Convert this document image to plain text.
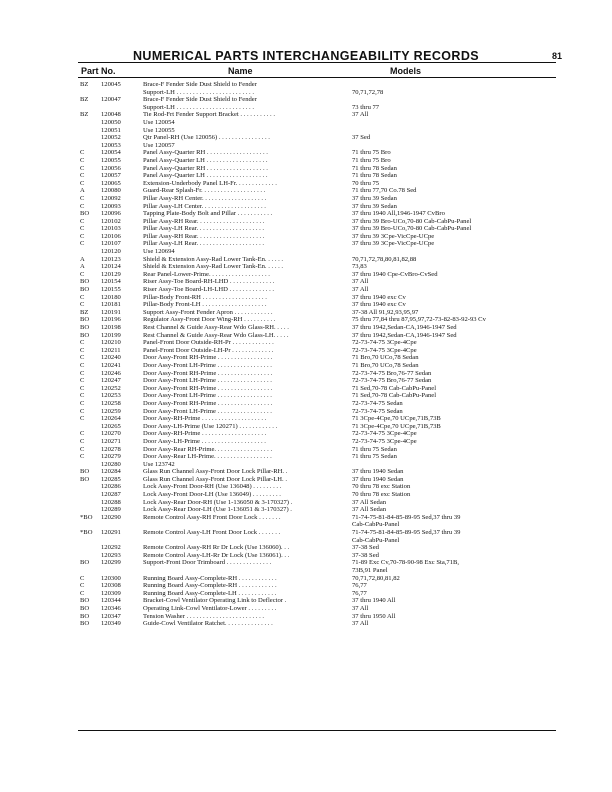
NUMERICAL PARTS INTERCHANGEABILITY RECORDS	81
Part No.	Name	Models
BZ 120045	Brace-F Fender Side Dust Shield to Fender
Support-LH . . . . . . . . . . . . . . . . . . . . . . . .	70,71,72,78
BZ 120047	Brace-F Fender Side Dust Shield to Fender
Support-LH . . . . . . . . . . . . . . . . . . . . . . . .	73 thru 77
BZ 120048	Tie Rod-Frt Fender Support Bracket . . . . . . . . . . .	37 All
120050	Use 120054
120051	Use 120055
120052	Qtr Panel-RH (Use 120056) . . . . . . . . . . . . . . . .	37 Sed
120053	Use 120057
C	120054	Panel Assy-Quarter RH . . . . . . . . . . . . . . . . . . .	71 thru 75 Bro
C	120055	Panel Assy-Quarter LH . . . . . . . . . . . . . . . . . . .	71 thru 75 Bro
C	120056	Panel Assy-Quarter RH . . . . . . . . . . . . . . . . . . .	71 thru 78 Sedan
C	120057	Panel Assy-Quarter LH . . . . . . . . . . . . . . . . . . .	71 thru 78 Sedan
C	120065	Extension-Underbody Panel LH-Fr. . . . . . . . . . . . .	70 thru 75
A 120080	Guard-Rear Splash-Fr. . . . . . . . . . . . . . . . . . . .	71 thru 77,70 Co.78 Sed
C	120092	Pillar Assy-RH Center. . . . . . . . . . . . . . . . . . . .	37 thru 39 Sedan
C	120093	Pillar Assy-LH Center. . . . . . . . . . . . . . . . . . . .	37 thru 39 Sedan
BO 120096	Tapping Plate-Body Bolt and Pillar . . . . . . . . . . .	37 thru 1940 All,1946-1947 CvBro
C	120102	Pillar Assy-RH Rear. . . . . . . . . . . . . . . . . . . . .	37 thru 39 Bro-UCo,70-80 Cab-CabPu-Panel
C	120103	Pillar Assy-LH Rear. . . . . . . . . . . . . . . . . . . . .	37 thru 39 Bro-UCo,70-80 Cab-CabPu-Panel
C	120106	Pillar Assy-RH Rear. . . . . . . . . . . . . . . . . . . . .	37 thru 39 3Cpe-VicCpe-UCpe
C	120107	Pillar Assy-LH Rear. . . . . . . . . . . . . . . . . . . . .	37 thru 39 3Cpe-VicCpe-UCpe
120120	Use 120694
A 120123	Shield & Extension Assy-Rad Lower Tank-En. . . . . .	70,71,72,78,80,81,82,88
A 120124	Shield & Extension Assy-Rad Lower Tank-En. . . . . .	73,83
C	120129	Rear Panel-Lower-Prime. . . . . . . . . . . . . . . . . . .	37 thru 1940 Cpe-CvBro-CvSed
BO 120154	Riser Assy-Toe Board-RH-LHD . . . . . . . . . . . . . .	37 All
BO 120155	Riser Assy-Toe Board-LH-LHD . . . . . . . . . . . . . .	37 All
C	120180	Pillar-Body Front-RH . . . . . . . . . . . . . . . . . . . .	37 thru 1940 exc Cv
C	120181	Pillar-Body Front-LH . . . . . . . . . . . . . . . . . . . .	37 thru 1940 exc Cv
BZ 120191	Support Assy-Front Fender Apron . . . . . . . . . . . .	37-38 All 91,92,93,95,97
BO 120196	Regulator Assy-Front Door Wing-RH . . . . . . . . . .	75 thru 77,84 thru 87,95,97,72-73-82-83-92-93 Cv
BO 120198	Rest Channel & Guide Assy-Rear Wdo Glass-RH. . . . .	37 thru 1942,Sedan-CA,1946-1947 Sed
BO 120199	Rest Channel & Guide Assy-Rear Wdo Glass-LH. . . . .	37 thru 1942,Sedan-CA,1946-1947 Sed
C	120210	Panel-Front Door Outside-RH-Pr . . . . . . . . . . . . .	72-73-74-75 3Cpe-4Cpe
C	120211	Panel-Front Door Outside-LH-Pr . . . . . . . . . . . . .	72-73-74-75 3Cpe-4Cpe
C	120240	Door Assy-Front RH-Prime . . . . . . . . . . . . . . . . .	71 Bro,70 UCo,78 Sedan
C	120241	Door Assy-Front LH-Prime . . . . . . . . . . . . . . . . .	71 Bro,70 UCo,78 Sedan
C	120246	Door Assy-Front RH-Prime . . . . . . . . . . . . . . . . .	72-73-74-75 Bro,76-77 Sedan
C	120247	Door Assy-Front LH-Prime . . . . . . . . . . . . . . . . .	72-73-74-75 Bro,76-77 Sedan
C	120252	Door Assy-Front RH-Prime . . . . . . . . . . . . . . . . .	71 Sed,70-78 Cab-CabPu-Panel
C	120253	Door Assy-Front LH-Prime . . . . . . . . . . . . . . . . .	71 Sed,70-78 Cab-CabPu-Panel
C	120258	Door Assy-Front RH-Prime . . . . . . . . . . . . . . . . .	72-73-74-75 Sedan
C	120259	Door Assy-Front LH-Prime . . . . . . . . . . . . . . . . .	72-73-74-75 Sedan
C	120264	Door Assy-RH-Prime . . . . . . . . . . . . . . . . . . . .	71 3Cpe-4Cpe,70 UCpe,71B,73B
120265	Door Assy-LH-Prime (Use 120271) . . . . . . . . . . . .	71 3Cpe-4Cpe,70 UCpe,71B,73B
C	120270	Door Assy-RH-Prime . . . . . . . . . . . . . . . . . . . .	72-73-74-75 3Cpe-4Cpe
C	120271	Door Assy-LH-Prime . . . . . . . . . . . . . . . . . . . .	72-73-74-75 3Cpe-4Cpe
C	120278	Door Assy-Rear RH-Prime. . . . . . . . . . . . . . . . . .	71 thru 75 Sedan
C	120279	Door Assy-Rear LH-Prime. . . . . . . . . . . . . . . . . .	71 thru 75 Sedan
120280	Use 123742
BO 120284	Glass Run Channel Assy-Front Door Lock Pillar-RH. .	37 thru 1940 Sedan
BO 120285	Glass Run Channel Assy-Front Door Lock Pillar-LH. .	37 thru 1940 Sedan
120286	Lock Assy-Front Door-RH (Use 136048) . . . . . . . . .	70 thru 78 exc Station
120287	Lock Assy-Front Door-LH (Use 136049) . . . . . . . . .	70 thru 78 exc Station
120288	Lock Assy-Rear Door-RH (Use 1-136050 & 3-170327) .	37 All Sedan
120289	Lock Assy-Rear Door-LH (Use 1-136051 & 3-170327) .	37 All Sedan
*BO 120290	Remote Control Assy-RH Front Door Lock . . . . . . .	71-74-75-81-84-85-89-95 Sed,37 thru 39
Cab-CabPu-Panel
*BO 120291	Remote Control Assy-LH Front Door Lock . . . . . . .	71-74-75-81-84-85-89-95 Sed,37 thru 39
Cab-CabPu-Panel
120292	Remote Control Assy-RH Rr Dr Lock (Use 136060). . .	37-38 Sed
120293	Remote Control Assy-LH-Rr Dr Lock (Use 136061). . .	37-38 Sed
BO 120299	Support-Front Door Trimboard . . . . . . . . . . . . . .	71-89 Exc Cv,70-78-90-98 Exc Sta,71B,
73B,91 Panel
C	120300	Running Board Assy-Complete-RH . . . . . . . . . . . .	70,71,72,80,81,82
C	120308	Running Board Assy-Complete-RH . . . . . . . . . . . .	76,77
C	120309	Running Board Assy-Complete-LH . . . . . . . . . . . .	76,77
BO 120344	Bracket-Cowl Ventilator Operating Link to Deflector .	37 thru 1940 All
BO 120346	Operating Link-Cowl Ventilator-Lower . . . . . . . . .	37 All
BO 120347	Tension Washer . . . . . . . . . . . . . . . . . . . . . . . .	37 thru 1950 All
BO 120349	Guide-Cowl Ventilator Ratchet. . . . . . . . . . . . . . .	37 All
